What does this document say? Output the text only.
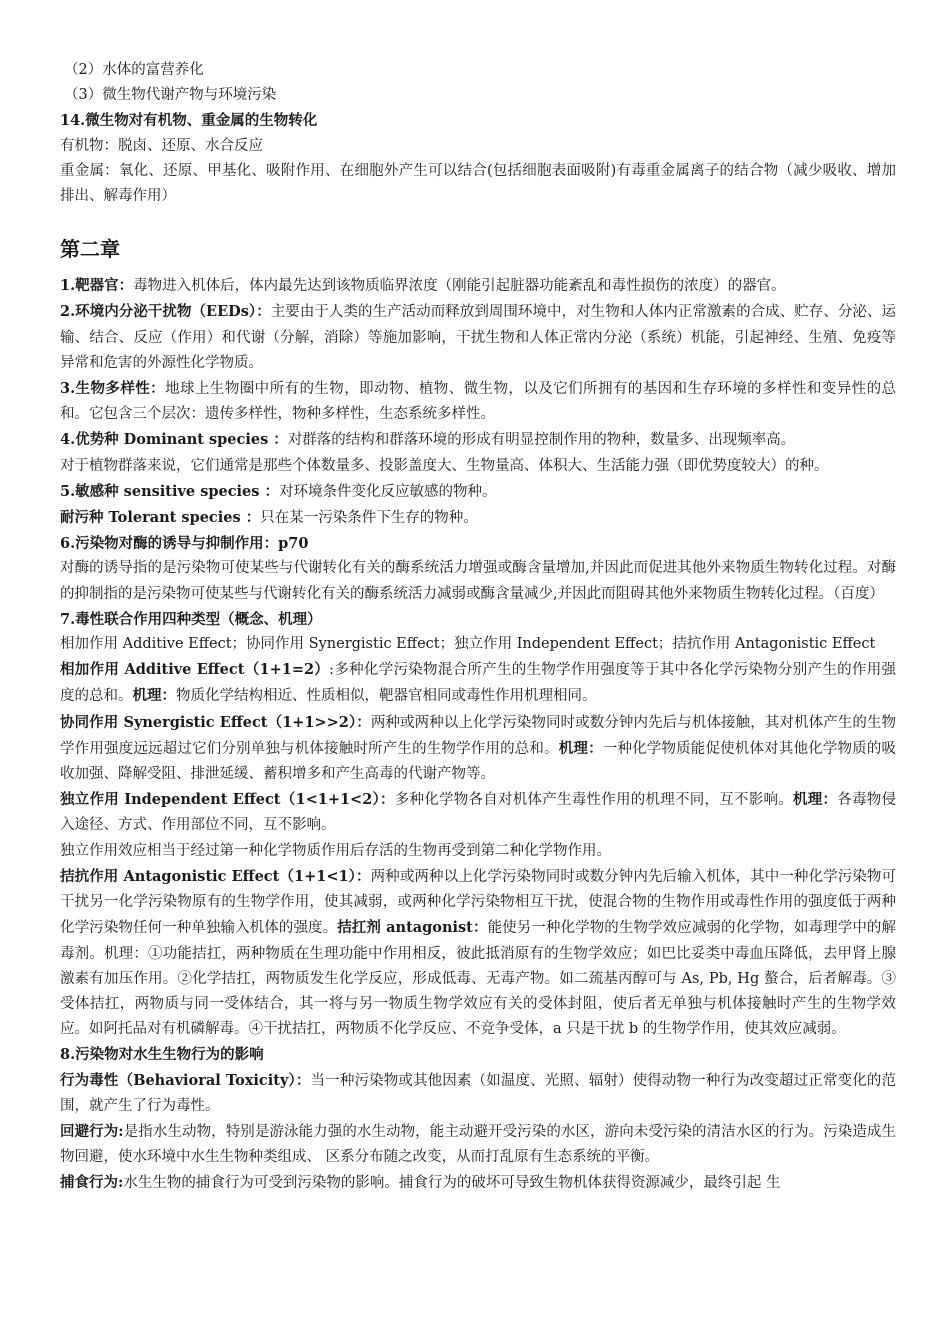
（2）水体的富营养化

（3）微生物代谢产物与环境污染

14.微生物对有机物、重金属的生物转化

有机物：脱卤、还原、水合反应

重金属：氧化、还原、甲基化、吸附作用、在细胞外产生可以结合(包括细胞表面吸附)有毒重金属离子的结合物（减少吸收、增加排出、解毒作用）

第二章

1.靶器官：毒物进入机体后，体内最先达到该物质临界浓度（刚能引起脏器功能紊乱和毒性损伤的浓度）的器官。

2.环境内分泌干扰物（EEDs）：主要由于人类的生产活动而释放到周围环境中，对生物和人体内正常激素的合成、贮存、分泌、运输、结合、反应（作用）和代谢（分解，消除）等施加影响，干扰生物和人体正常内分泌（系统）机能，引起神经、生殖、免疫等异常和危害的外源性化学物质。

3.生物多样性：地球上生物圈中所有的生物，即动物、植物、微生物，以及它们所拥有的基因和生存环境的多样性和变异性的总和。它包含三个层次：遗传多样性，物种多样性，生态系统多样性。

4.优势种 Dominant species ：对群落的结构和群落环境的形成有明显控制作用的物种，数量多、出现频率高。

对于植物群落来说，它们通常是那些个体数量多、投影盖度大、生物量高、体积大、生活能力强（即优势度较大）的种。

5.敏感种 sensitive species ：对环境条件变化反应敏感的物种。

耐污种 Tolerant species ：只在某一污染条件下生存的物种。

6.污染物对酶的诱导与抑制作用：p70

对酶的诱导指的是污染物可使某些与代谢转化有关的酶系统活力增强或酶含量增加,并因此而促进其他外来物质生物转化过程。对酶的抑制指的是污染物可使某些与代谢转化有关的酶系统活力减弱或酶含量减少,并因此而阻碍其他外来物质生物转化过程。（百度）

7.毒性联合作用四种类型（概念、机理）

相加作用 Additive Effect；协同作用 Synergistic Effect；独立作用 Independent Effect；拮抗作用 Antagonistic Effect

相加作用 Additive Effect（1+1=2）:多种化学污染物混合所产生的生物学作用强度等于其中各化学污染物分别产生的作用强度的总和。机理：物质化学结构相近、性质相似，靶器官相同或毒性作用机理相同。

协同作用 Synergistic Effect（1+1>>2）：两种或两种以上化学污染物同时或数分钟内先后与机体接触，其对机体产生的生物学作用强度远远超过它们分别单独与机体接触时所产生的生物学作用的总和。机理：一种化学物质能促使机体对其他化学物质的吸收加强、降解受阻、排泄延缓、蓄积增多和产生高毒的代谢产物等。

独立作用 Independent Effect（1<1+1<2）：多种化学物各自对机体产生毒性作用的机理不同，互不影响。机理：各毒物侵入途径、方式、作用部位不同，互不影响。

独立作用效应相当于经过第一种化学物质作用后存活的生物再受到第二种化学物作用。

拮抗作用 Antagonistic Effect（1+1<1）：两种或两种以上化学污染物同时或数分钟内先后输入机体，其中一种化学污染物可干扰另一化学污染物原有的生物学作用，使其减弱，或两种化学污染物相互干扰，使混合物的生物作用或毒性作用的强度低于两种化学污染物任何一种单独输入机体的强度。拮扛剂 antagonist：能使另一种化学物的生物学效应减弱的化学物，如毒理学中的解毒剂。机理：①功能拮扛，两种物质在生理功能中作用相反，彼此抵消原有的生物学效应；如巴比妥类中毒血压降低，去甲肾上腺激素有加压作用。②化学拮扛，两物质发生化学反应，形成低毒、无毒产物。如二巯基丙醇可与 As, Pb, Hg 螯合，后者解毒。③受体拮扛，两物质与同一受体结合，其一将与另一物质生物学效应有关的受体封阻，使后者无单独与机体接触时产生的生物学效应。如阿托品对有机磷解毒。④干扰拮扛，两物质不化学反应、不竞争受体，a 只是干扰 b 的生物学作用，使其效应减弱。

8.污染物对水生生物行为的影响

行为毒性（Behavioral Toxicity）：当一种污染物或其他因素（如温度、光照、辐射）使得动物一种行为改变超过正常变化的范围，就产生了行为毒性。

回避行为:是指水生动物，特别是游泳能力强的水生动物，能主动避开受污染的水区，游向未受污染的清洁水区的行为。污染造成生物回避，使水环境中水生生物种类组成、 区系分布随之改变，从而打乱原有生态系统的平衡。

捕食行为:水生生物的捕食行为可受到污染物的影响。捕食行为的破坏可导致生物机体获得资源减少，最终引起 生
